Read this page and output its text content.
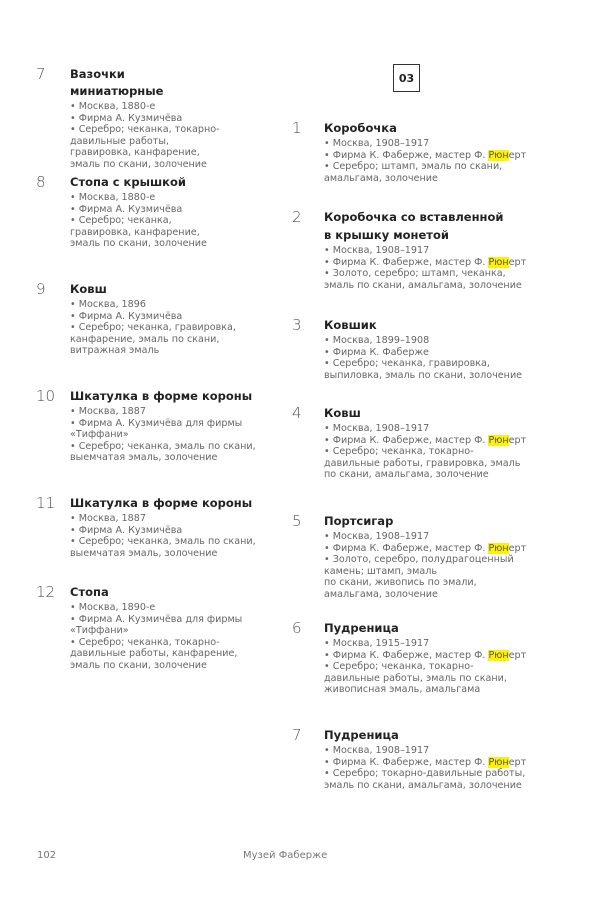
03
7 Вазочки миниатюрные
• Москва, 1880-е
• Фирма А. Кузмичёва
• Серебро; чеканка, токарно-
давильные работы,
гравировка, канфарение,
эмаль по скани, золочение
8 Стопа с крышкой
• Москва, 1880-е
• Фирма А. Кузмичёва
• Серебро; чеканка,
гравировка, канфарение,
эмаль по скани, золочение
9 Ковш
• Москва, 1896
• Фирма А. Кузмичёва
• Серебро; чеканка, гравировка,
канфарение, эмаль по скани,
витражная эмаль
10 Шкатулка в форме короны
• Москва, 1887
• Фирма А. Кузмичёва для фирмы
«Тиффани»
• Серебро; чеканка, эмаль по скани,
выемчатая эмаль, золочение
11 Шкатулка в форме короны
• Москва, 1887
• Фирма А. Кузмичёва
• Серебро; чеканка, эмаль по скани,
выемчатая эмаль, золочение
12 Стопа
• Москва, 1890-е
• Фирма А. Кузмичёва для фирмы
«Тиффани»
• Серебро; чеканка, токарно-
давильные работы, канфарение,
эмаль по скани, золочение
1 Коробочка
• Москва, 1908–1917
• Фирма К. Фаберже, мастер Ф. Рюнерт
• Серебро; штамп, эмаль по скани,
амальгама, золочение
2 Коробочка со вставленной
в крышку монетой
• Москва, 1908–1917
• Фирма К. Фаберже, мастер Ф. Рюнерт
• Золото, серебро; штамп, чеканка,
эмаль по скани, амальгама, золочение
3 Ковшик
• Москва, 1899–1908
• Фирма К. Фаберже
• Серебро; чеканка, гравировка,
выпиловка, эмаль по скани, золочение
4 Ковш
• Москва, 1908–1917
• Фирма К. Фаберже, мастер Ф. Рюнерт
• Серебро; чеканка, токарно-
давильные работы, гравировка, эмаль
по скани, амальгама, золочение
5 Портсигар
• Москва, 1908–1917
• Фирма К. Фаберже, мастер Ф. Рюнерт
• Золото, серебро, полудрагоценный
камень; штамп, эмаль
по скани, живопись по эмали,
амальгама, золочение
6 Пудреница
• Москва, 1915–1917
• Фирма К. Фаберже, мастер Ф. Рюнерт
• Серебро; чеканка, токарно-
давильные работы, эмаль по скани,
живописная эмаль, амальгама
7 Пудреница
• Москва, 1908–1917
• Фирма К. Фаберже, мастер Ф. Рюнерт
• Серебро; токарно-давильные работы,
эмаль по скани, амальгама, золочение
102	Музей Фаберже
